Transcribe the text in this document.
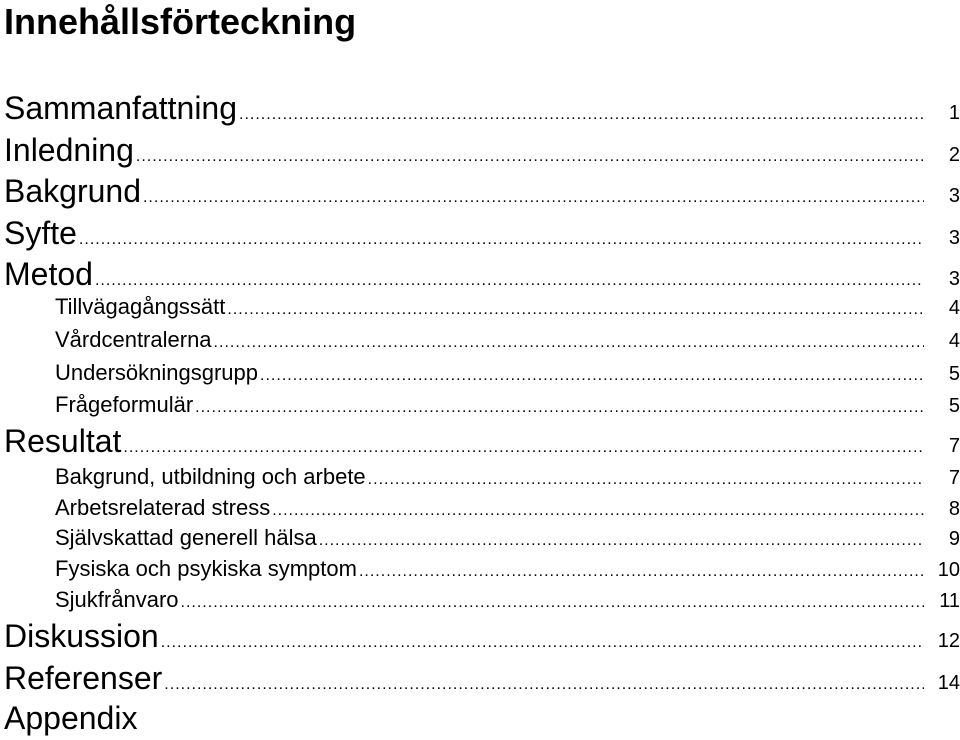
Innehållsförteckning
Sammanfattning .....	1
Inledning .....	2
Bakgrund .....	3
Syfte .....	3
Metod .....	3
Tillvägagångssätt .....	4
Vårdcentralerna .....	4
Undersökningsgrupp .....	5
Frågeformulär .....	5
Resultat .....	7
Bakgrund, utbildning och arbete .....	7
Arbetsrelaterad stress .....	8
Självskattad generell hälsa .....	9
Fysiska och psykiska symptom .....	10
Sjukfrånvaro .....	11
Diskussion .....	12
Referenser .....	14
Appendix
